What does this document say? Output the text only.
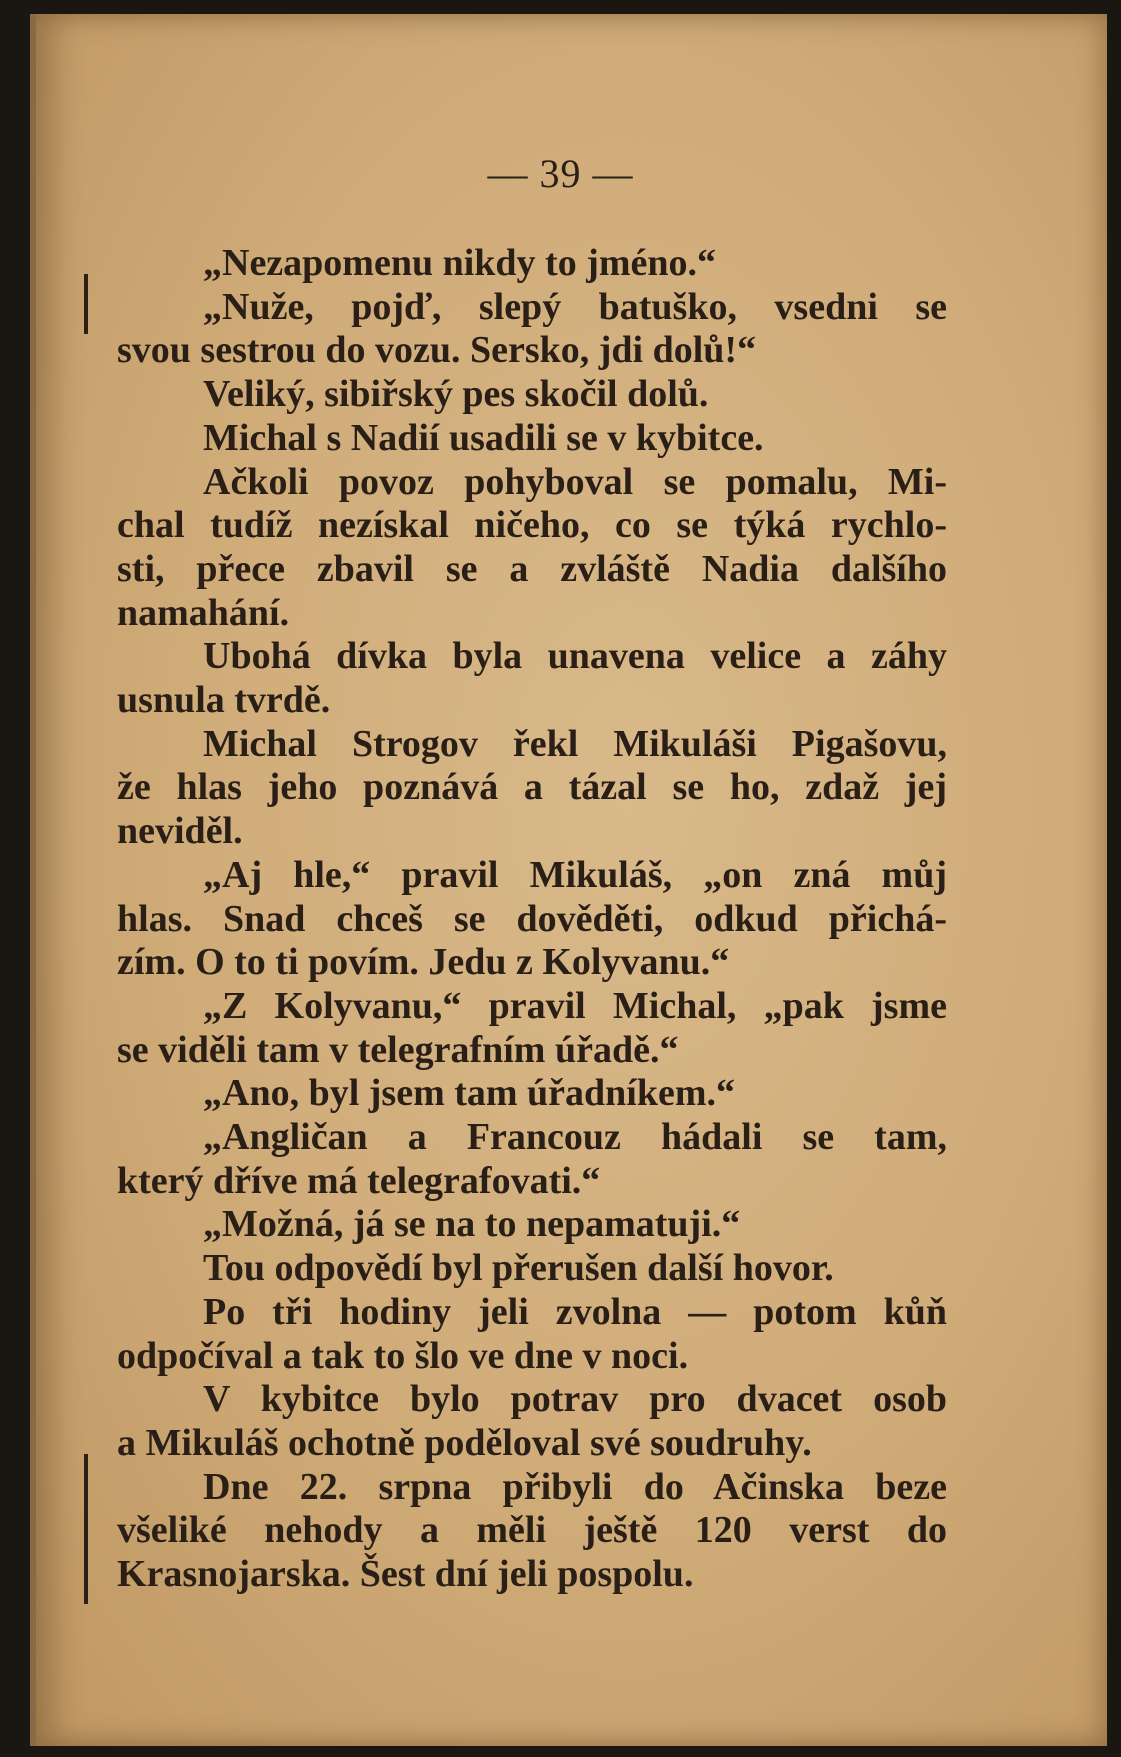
— 39 —
„Nezapomenu nikdy to jméno.“
„Nuže, pojď, slepý batuško, vsedni se
svou sestrou do vozu. Sersko, jdi dolů!“
Veliký, sibiřský pes skočil dolů.
Michal s Nadií usadili se v kybitce.
Ačkoli povoz pohyboval se pomalu, Mi-
chal tudíž nezískal ničeho, co se týká rychlo-
sti, přece zbavil se a zvláště Nadia dalšího
namahání.
Ubohá dívka byla unavena velice a záhy
usnula tvrdě.
Michal Strogov řekl Mikuláši Pigašovu,
že hlas jeho poznává a tázal se ho, zdaž jej
neviděl.
„Aj hle,“ pravil Mikuláš, „on zná můj
hlas. Snad chceš se dověděti, odkud přichá-
zím. O to ti povím. Jedu z Kolyvanu.“
„Z Kolyvanu,“ pravil Michal, „pak jsme
se viděli tam v telegrafním úřadě.“
„Ano, byl jsem tam úřadníkem.“
„Angličan a Francouz hádali se tam,
který dříve má telegrafovati.“
„Možná, já se na to nepamatuji.“
Tou odpovědí byl přerušen další hovor.
Po tři hodiny jeli zvolna — potom kůň
odpočíval a tak to šlo ve dne v noci.
V kybitce bylo potrav pro dvacet osob
a Mikuláš ochotně poděloval své soudruhy.
Dne 22. srpna přibyli do Ačinska beze
všeliké nehody a měli ještě 120 verst do
Krasnojarska. Šest dní jeli pospolu.
